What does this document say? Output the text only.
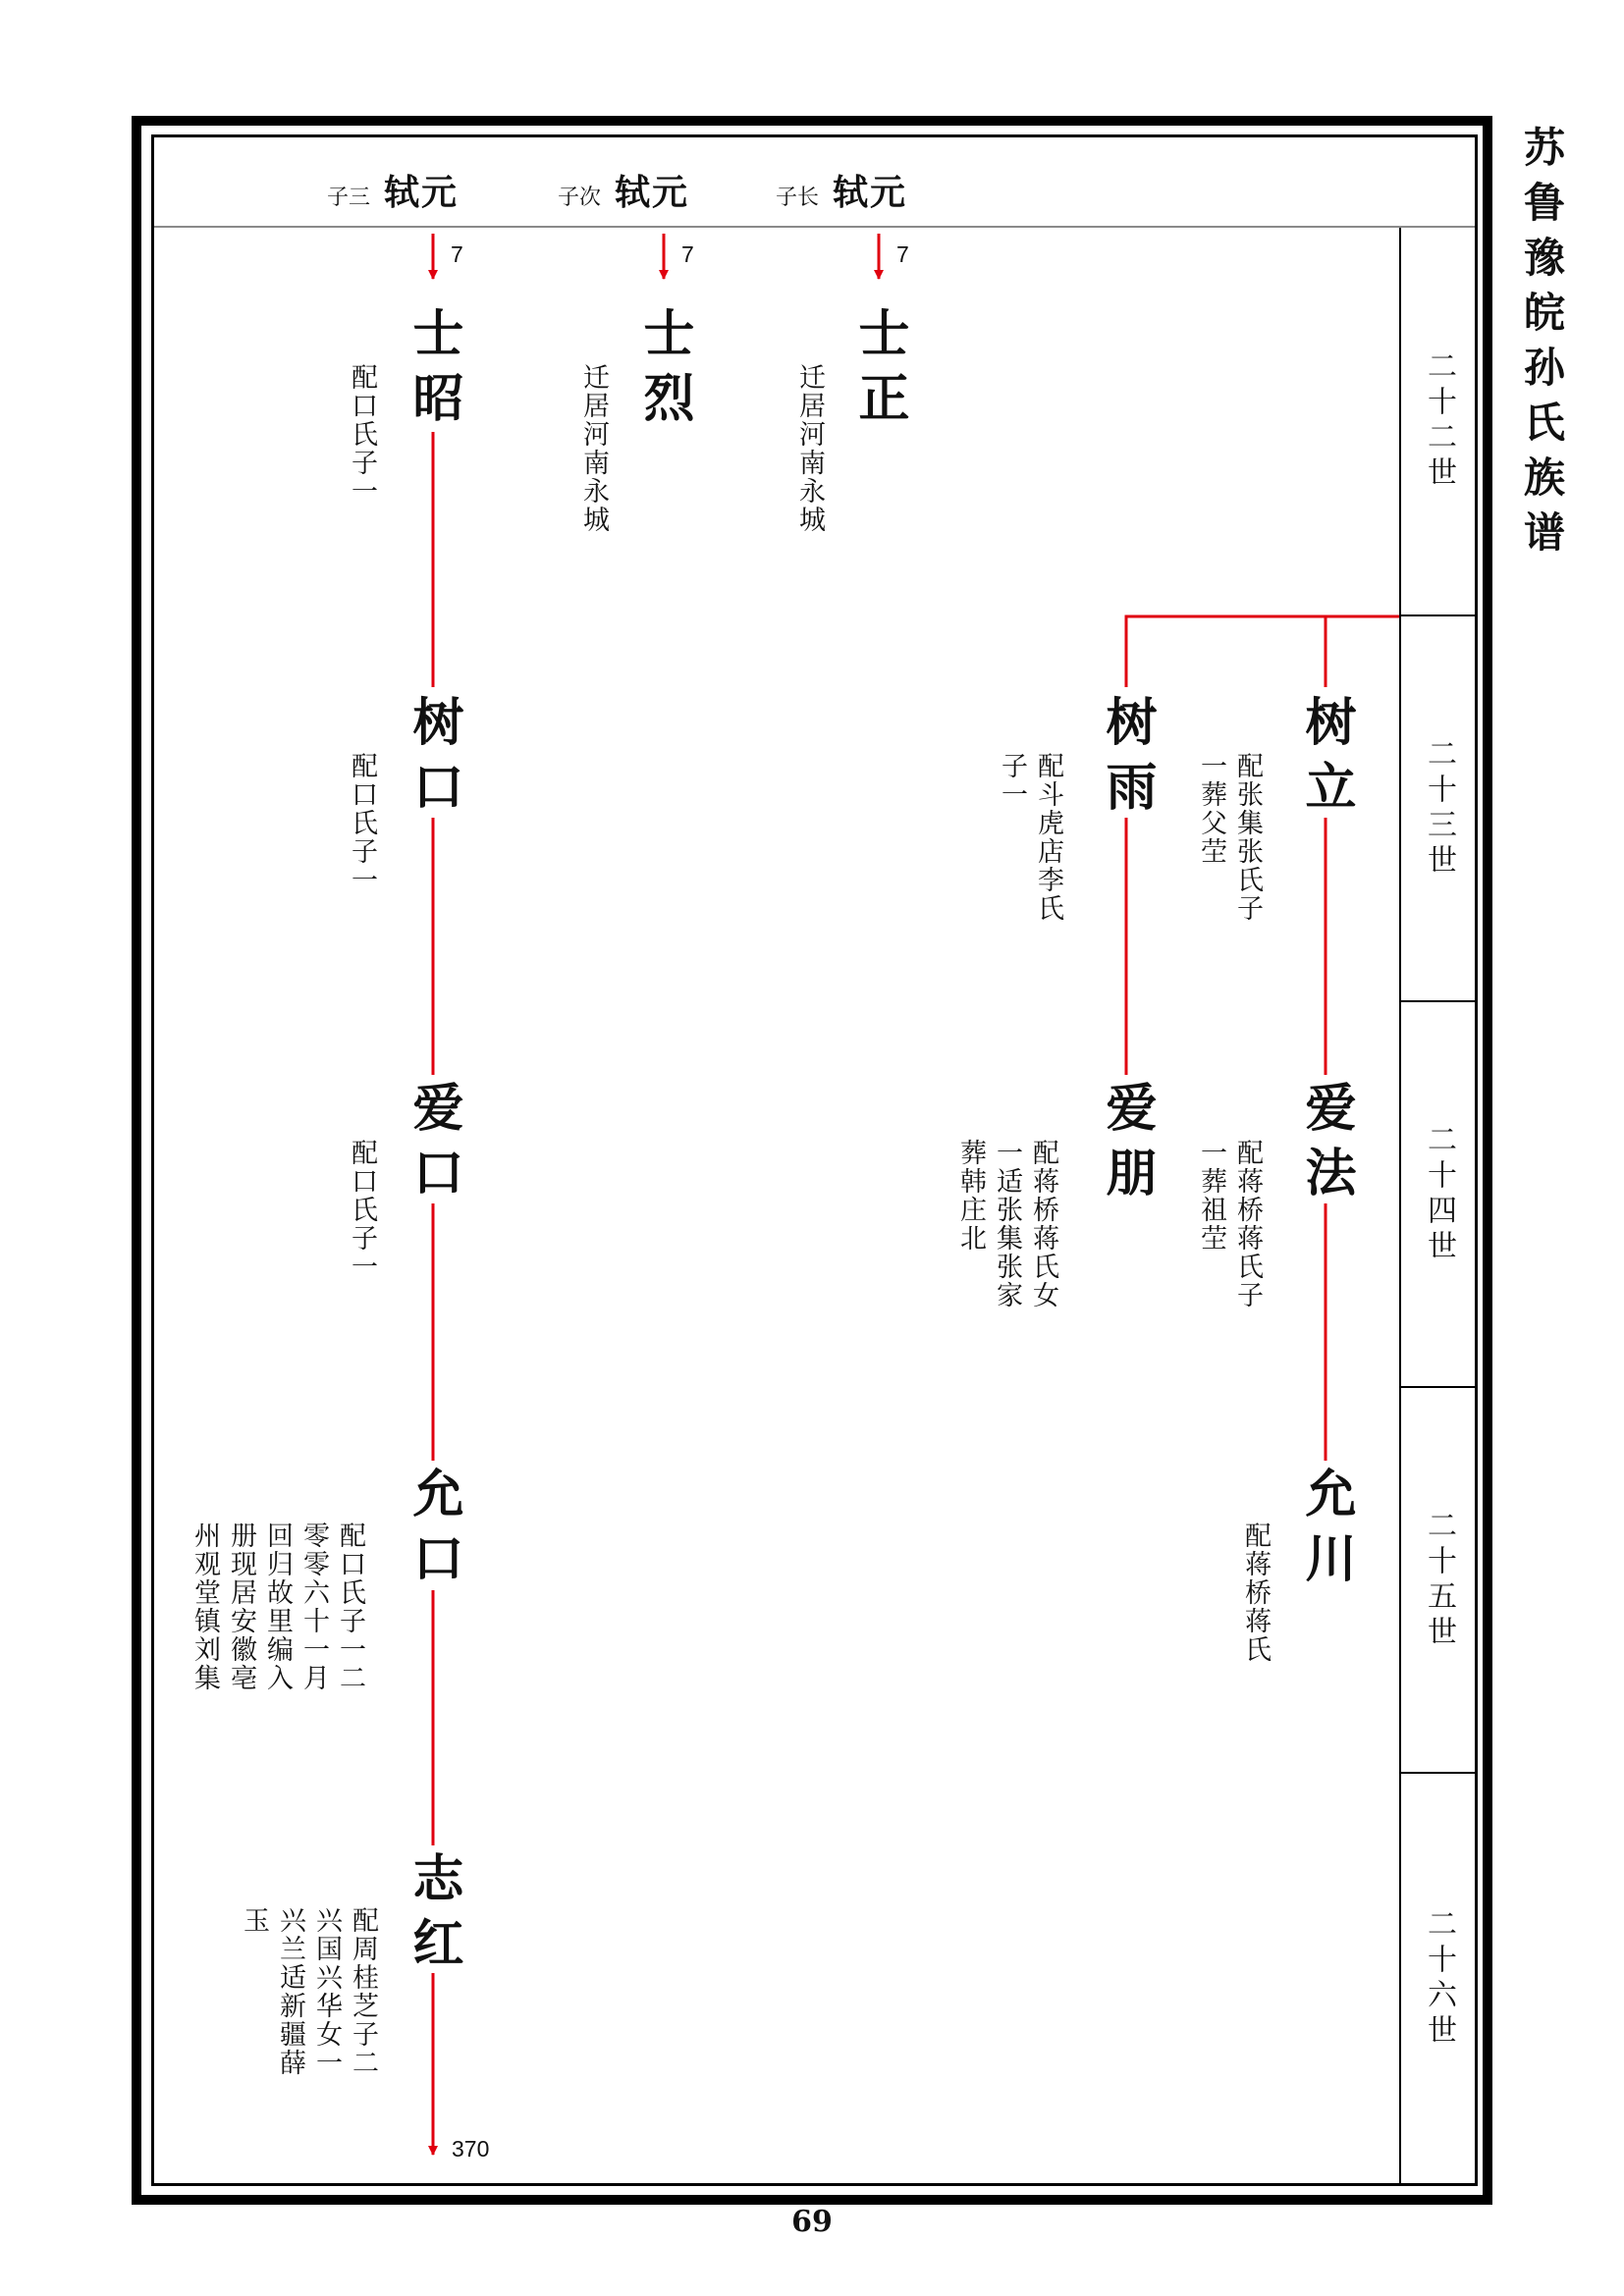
二十二世
二十三世
二十四世
二十五世
二十六世
苏鲁豫皖孙氏族谱
69
子三 轼元	子次 轼元	子长 轼元
7	7	7
370
士昭
配口氏子一	士烈
迁居河南永城	士正
迁居河南永城
树口
配口氏子一	树雨
配斗虎店李氏
子一	树立
配张集张氏子
一葬父茔
爱口
配口氏子一	爱朋
配蒋桥蒋氏女
一适张集张家
葬韩庄北	爱法
配蒋桥蒋氏子
一葬祖茔
允口
配口氏子一二
零零六十一月
回归故里编入
册现居安徽亳
州观堂镇刘集	允川
配蒋桥蒋氏
志红
配周桂芝子二
兴国兴华女一
兴兰适新疆薛
玉
